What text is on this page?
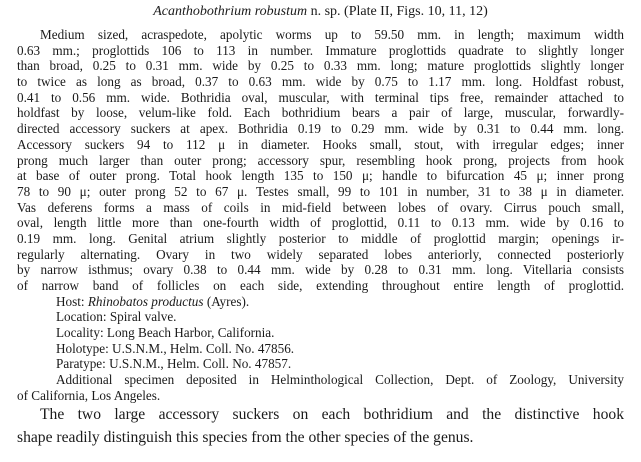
Acanthobothrium robustum n. sp. (Plate II, Figs. 10, 11, 12)
Medium sized, acraspedote, apolytic worms up to 59.50 mm. in length; maximum width
0.63 mm.; proglottids 106 to 113 in number. Immature proglottids quadrate to slightly longer
than broad, 0.25 to 0.31 mm. wide by 0.25 to 0.33 mm. long; mature proglottids slightly longer
to twice as long as broad, 0.37 to 0.63 mm. wide by 0.75 to 1.17 mm. long. Holdfast robust,
0.41 to 0.56 mm. wide. Bothridia oval, muscular, with terminal tips free, remainder attached to
holdfast by loose, velum-like fold. Each bothridium bears a pair of large, muscular, forwardly-
directed accessory suckers at apex. Bothridia 0.19 to 0.29 mm. wide by 0.31 to 0.44 mm. long.
Accessory suckers 94 to 112 μ in diameter. Hooks small, stout, with irregular edges; inner
prong much larger than outer prong; accessory spur, resembling hook prong, projects from hook
at base of outer prong. Total hook length 135 to 150 μ; handle to bifurcation 45 μ; inner prong
78 to 90 μ; outer prong 52 to 67 μ. Testes small, 99 to 101 in number, 31 to 38 μ in diameter.
Vas deferens forms a mass of coils in mid-field between lobes of ovary. Cirrus pouch small,
oval, length little more than one-fourth width of proglottid, 0.11 to 0.13 mm. wide by 0.16 to
0.19 mm. long. Genital atrium slightly posterior to middle of proglottid margin; openings ir-
regularly alternating. Ovary in two widely separated lobes anteriorly, connected posteriorly
by narrow isthmus; ovary 0.38 to 0.44 mm. wide by 0.28 to 0.31 mm. long. Vitellaria consists
of narrow band of follicles on each side, extending throughout entire length of proglottid.
Host: Rhinobatos productus (Ayres).
Location: Spiral valve.
Locality: Long Beach Harbor, California.
Holotype: U.S.N.M., Helm. Coll. No. 47856.
Paratype: U.S.N.M., Helm. Coll. No. 47857.
Additional specimen deposited in Helminthological Collection, Dept. of Zoology, University
of California, Los Angeles.
The two large accessory suckers on each bothridium and the distinctive hook
shape readily distinguish this species from the other species of the genus.
